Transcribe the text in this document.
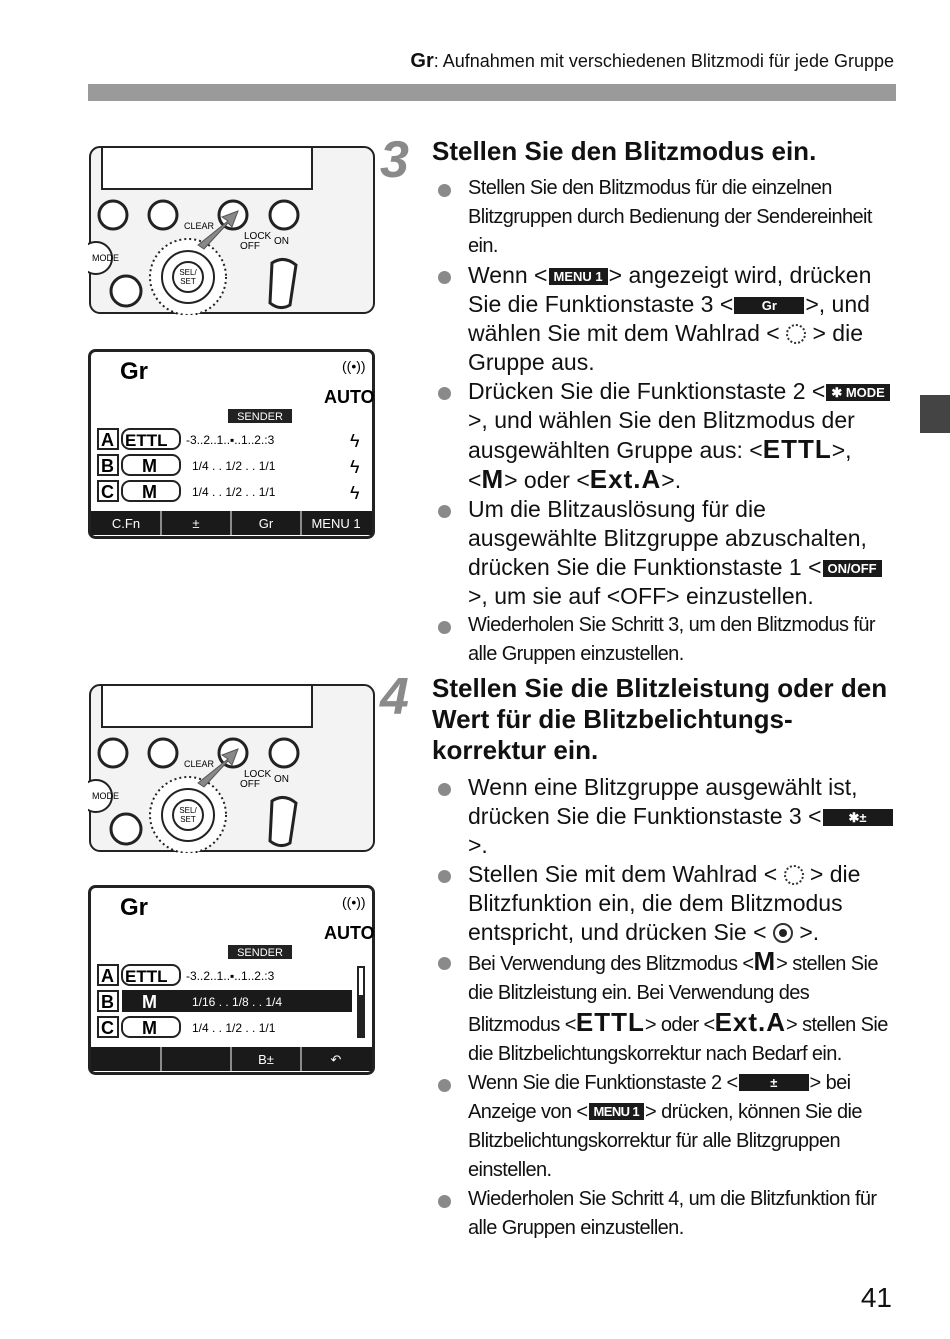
Gr: Aufnahmen mit verschiedenen Blitzmodi für jede Gruppe
SEL/
SET
MODE
CLEAR
LOCK
OFF ON
Gr	((•))
AUTO
SENDER
A ETTL -3..2..1..▪..1..2.:3	ϟ
B M	1/4 . . 1/2 . . 1/1	ϟ
C M	1/4 . . 1/2 . . 1/1	ϟ
C.Fn	±	Gr	MENU 1
SEL/
SET
MODE
CLEAR
LOCK
OFF ON
Gr	((•))
AUTO
SENDER
A ETTL -3..2..1..▪..1..2.:3
B M	1/16 . . 1/8 . . 1/4
C M	1/4 . . 1/2 . . 1/1
B±	↶
3 Stellen Sie den Blitzmodus ein.
Stellen Sie den Blitzmodus für die einzelnen Blitzgruppen durch Bedienung der Sendereinheit ein.
Wenn < MENU 1 > angezeigt wird, drücken Sie die Funktionstaste 3 < Gr >, und wählen Sie mit dem Wahlrad <  > die Gruppe aus.
Drücken Sie die Funktionstaste 2 < ✱ MODE>, und wählen Sie den Blitzmodus der ausgewählten Gruppe aus: <ETTL>, <M> oder <Ext.A>.
Um die Blitzauslösung für die ausgewählte Blitzgruppe abzuschalten, drücken Sie die Funktionstaste 1 < ON/OFF>, um sie auf <OFF> einzustellen.
Wiederholen Sie Schritt 3, um den Blitzmodus für alle Gruppen einzustellen.
4 Stellen Sie die Blitzleistung oder den Wert für die Blitzbelichtungs-korrektur ein.
Wenn eine Blitzgruppe ausgewählt ist, drücken Sie die Funktionstaste 3 < ✱±>.
Stellen Sie mit dem Wahlrad <  > die Blitzfunktion ein, die dem Blitzmodus entspricht, und drücken Sie <  >.
Bei Verwendung des Blitzmodus <M> stellen Sie die Blitzleistung ein. Bei Verwendung des Blitzmodus <ETTL> oder <Ext.A> stellen Sie die Blitzbelichtungskorrektur nach Bedarf ein.
Wenn Sie die Funktionstaste 2 <	± > bei Anzeige von < MENU 1 > drücken, können Sie die Blitzbelichtungskorrektur für alle Blitzgruppen einstellen.
Wiederholen Sie Schritt 4, um die Blitzfunktion für alle Gruppen einzustellen.
41
